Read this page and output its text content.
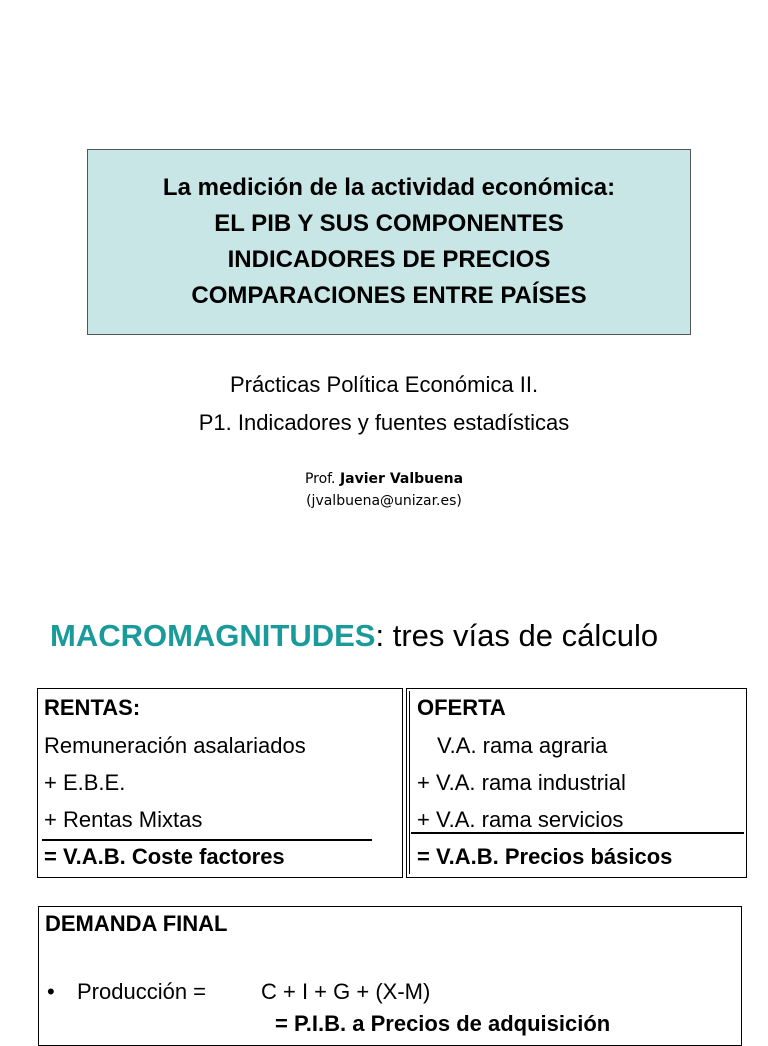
La medición de la actividad económica:
EL PIB Y SUS COMPONENTES
INDICADORES DE PRECIOS
COMPARACIONES ENTRE PAÍSES
Prácticas Política Económica II.
P1. Indicadores y fuentes estadísticas
Prof. Javier Valbuena
(jvalbuena@unizar.es)
MACROMAGNITUDES: tres vías de cálculo
RENTAS:
Remuneración asalariados
+ E.B.E.
+ Rentas Mixtas
= V.A.B. Coste factores
OFERTA
V.A. rama agraria
+ V.A. rama industrial
+ V.A. rama servicios
= V.A.B. Precios básicos
DEMANDA FINAL
• Producción = C + I + G + (X-M)
= P.I.B. a Precios de adquisición
